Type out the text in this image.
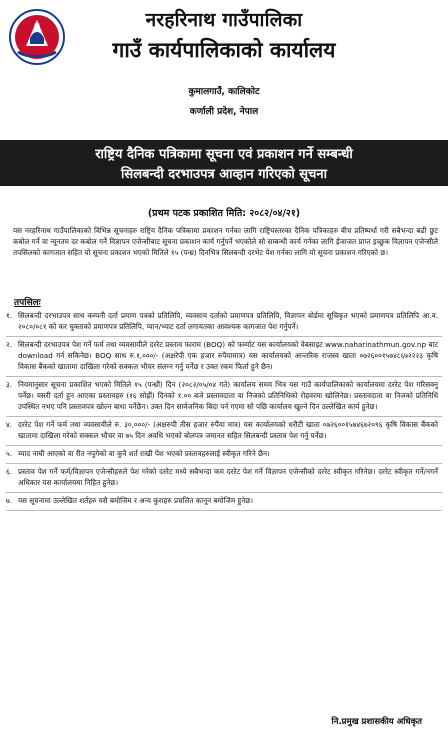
नरहरिनाथ गाउँपालिका
गाउँ कार्यपालिकाको कार्यालय
कुमालगाउँ, कालिकोट
कर्णाली प्रदेश, नेपाल
राष्ट्रिय दैनिक पत्रिकामा सूचना एवं प्रकाशन गर्ने सम्बन्धी
सिलबन्दी दरभाउपत्र आव्हान गरिएको सूचना
(प्रथम पटक प्रकाशित मिति: २०८२/०४/२१)
यस नरहरिनाथ गाउँपालिकाको विभिन्न सूचनाहरु राष्ट्रिय दैनिक पत्रिकामा प्रकाशन गर्नका लागि राष्ट्रियस्तरका दैनिक पत्रिकाहरु बीच प्रतिष्पर्धा गरी सबैभन्दा बढी छुट कबोल गर्ने वा न्यूनतम दर कबोल गर्ने विज्ञापन एजेन्सीबाट सूचना प्रकाशन कार्य गर्नुपर्ने भएकोले सो सम्बन्धी कार्य गर्नका लागि ईजाजत प्राप्त इच्छुक विज्ञापन एजेन्सीले तपसिलको कागजात सहित यो सूचना प्रकाशन भएको मितिले १५ (पन्ध्र) दिनभित्र सिलबन्दी दरभेट पेश गर्नका लागि यो सूचना प्रकाशन गरिएको छ।
तपसिलः
१. सिलबन्दी दरभाउपत्र साथ कम्पनी दर्ता प्रमाण पत्रको प्रतिलिपि, व्यवसाय दर्ताको प्रमाणपत्र प्रतिलिपि, विज्ञापन बोर्डमा सूचिकृत भएको प्रमाणपत्र प्रतिलिपि आ.व. २०८०/०८१ को कर चुक्ताको प्रमाणपत्र प्रतिलिपि, प्यान/भ्याट दर्ता लगायतका आवश्यक कागजात पेश गर्नुपर्ने।
२. सिलबन्दी दरभाउपत्र पेश गर्ने फर्म तथा व्यवसायीले दररेट प्रस्ताव फाराम (BOQ) को फर्म्याट यस कार्यालयको वेबसाइट www.naharinathmun.gov.np बाट download गर्न सकिनेछ। BOQ साथ रु.१,०००/- (अक्षरेपी एक हजार रुपैयामात्र) यस कार्यालयको आन्तरिक राजस्व खाता ०७२६००१५७४८६७२२२३ कृषि विकास बैंकको खातामा दाखिला गरेको सक्कल भौचर संलग्न गर्नु पर्नेछ र उक्त रकम फिर्ता हुने छैन।
३. नियमानुसार सूचना प्रकाशित भएको मितिले १५ (पन्ध्रौं) दिन (२०८२/०५/०४ गते) कार्यालय समय भित्र यस गाउँ कार्यपालिकाको कार्यालयमा दररेट पेश गरिसक्नु पर्नेछ। यसरी दर्ता हुन आएका प्रस्तावहरु (१६ सोह्रौं) दिनको १.०० बजे प्रस्तावदाता वा निजको प्रतिनिधिको रोहवरमा खोलिनेछ। प्रस्तावदाता वा निजको प्रतिनिधि उपस्थित नभए पनि प्रस्तावपत्र खोल्न बाधा पर्नेछैन। उक्त दिन सार्वजनिक बिदा पर्न गएमा सो पछि कार्यालय खुल्ने दिन उल्लेखित कार्य हुनेछ।
४. दररेट पेश गर्ने फर्म तथा व्यवसायीले रु. ३०,०००/- (अक्षरुपी तीस हजार रुपैंया मात्र) यस कार्यालयको धरौटी खाता ०७२६००१५७४६७२०९६ कृषि विकास बैंकको खातामा दाखिला गरेको सक्कल भौचर वा ७५ दिन अवधि भएको बोलपत्र जमानत सहित सिलबन्दी प्रस्ताव पेश गर्नु पर्नेछ।
५. म्याद नाघी आएको वा रीत नपुगेको वा कुनै शर्त राखी पेश भएको प्रस्तावहरुलाई स्वीकृत गरिने छैन।
६. प्रस्ताव पेश गर्ने फर्म/विज्ञापन एजेन्सीहरुले पेश गरेको दररेट मध्ये सबैभन्दा कम दररेट पेश गर्ने विज्ञापन एजेन्सीको दररेट स्वीकृत गरिनेछ। दररेट स्वीकृत गर्ने/नगर्ने अधिकार यस कार्यालयमा निहित हुनेछ।
७. यस सूचनामा उल्लेखित शर्तहरु यसै बमोजिम र अन्य कुराहरु प्रचलित कानून बमोजिम हुनेछ।
नि.प्रमुख प्रशासकीय अधिकृत
